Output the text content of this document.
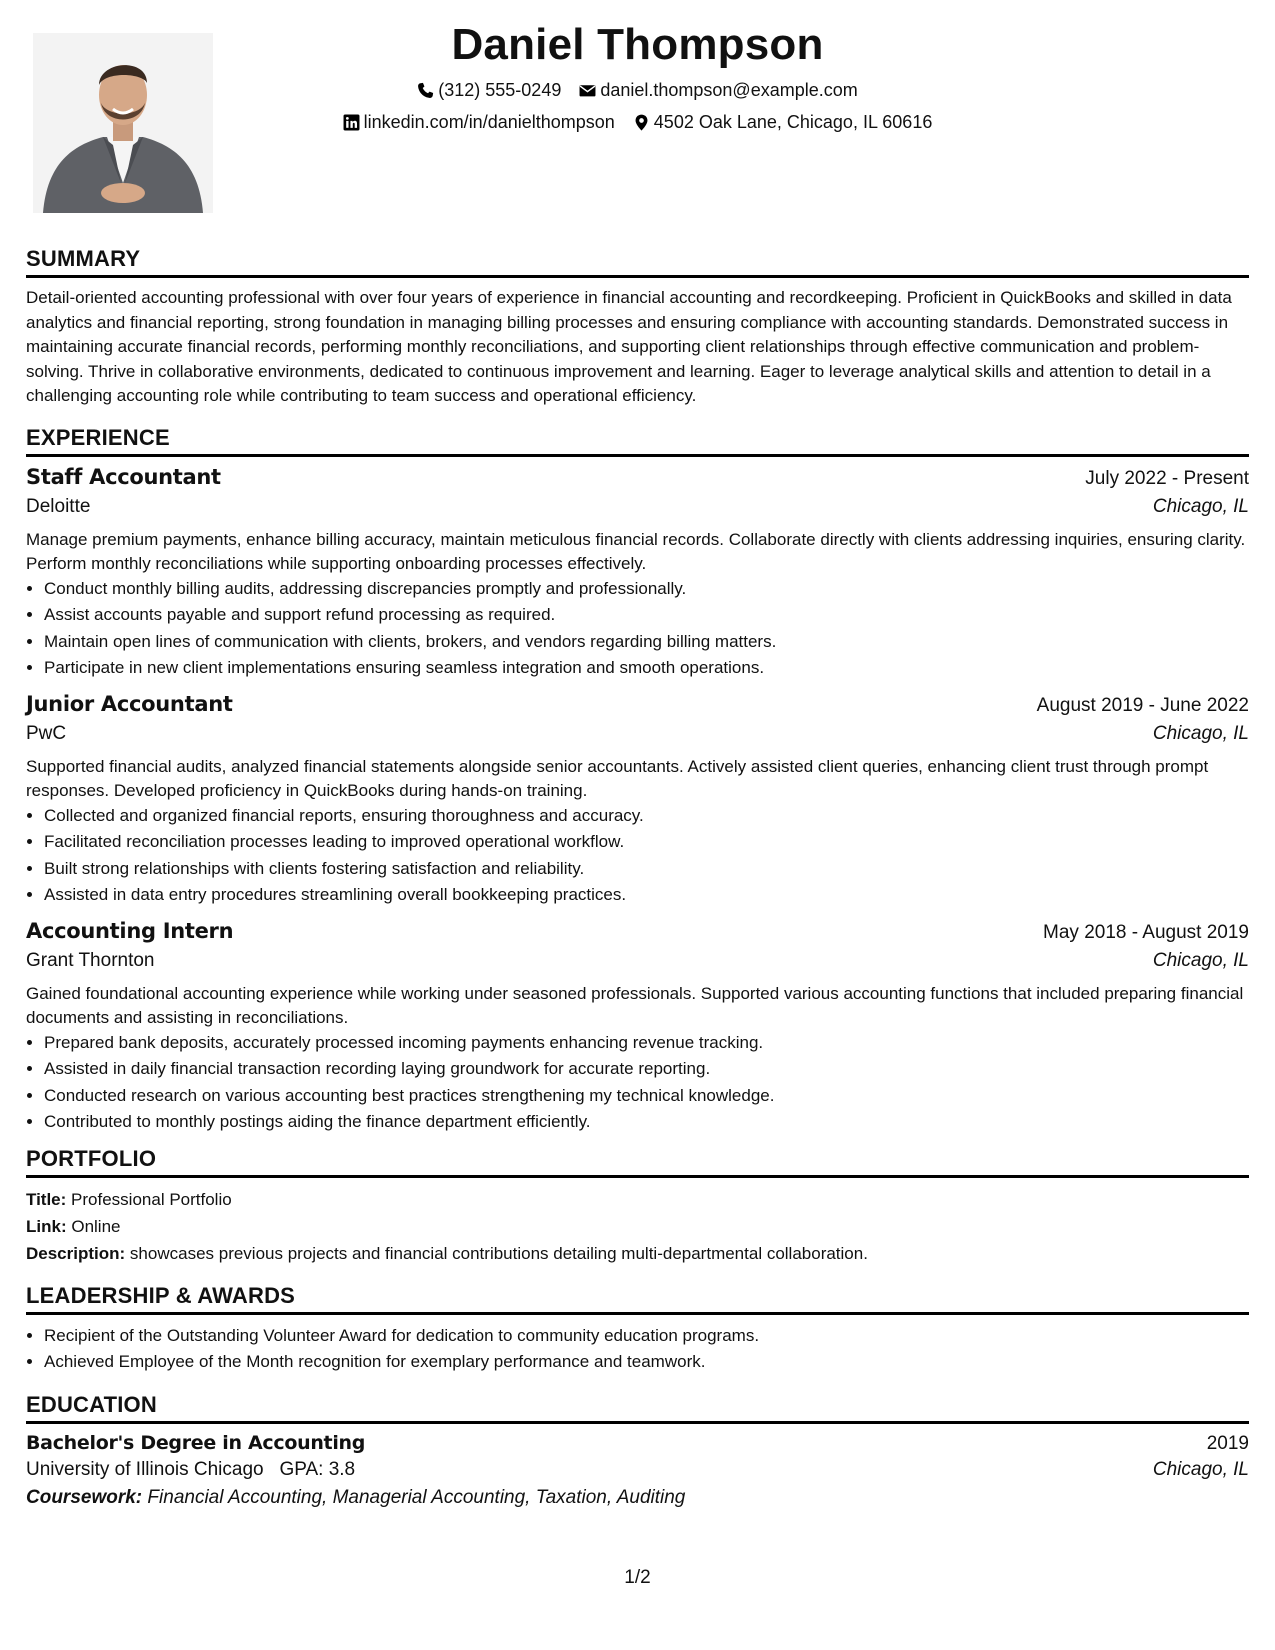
Daniel Thompson
(312) 555-0249 daniel.thompson@example.com
linkedin.com/in/danielthompson 4502 Oak Lane, Chicago, IL 60616
SUMMARY

Detail-oriented accounting professional with over four years of experience in financial accounting and recordkeeping. Proficient in QuickBooks and skilled in data analytics and financial reporting, strong foundation in managing billing processes and ensuring compliance with accounting standards. Demonstrated success in maintaining accurate financial records, performing monthly reconciliations, and supporting client relationships through effective communication and problem-solving. Thrive in collaborative environments, dedicated to continuous improvement and learning. Eager to leverage analytical skills and attention to detail in a challenging accounting role while contributing to team success and operational efficiency.

EXPERIENCE
Staff Accountant	July 2022 - Present
Deloitte	Chicago, IL

Manage premium payments, enhance billing accuracy, maintain meticulous financial records. Collaborate directly with clients addressing inquiries, ensuring clarity. Perform monthly reconciliations while supporting onboarding processes effectively.

• Conduct monthly billing audits, addressing discrepancies promptly and professionally.
• Assist accounts payable and support refund processing as required.
• Maintain open lines of communication with clients, brokers, and vendors regarding billing matters.
• Participate in new client implementations ensuring seamless integration and smooth operations.
Junior Accountant	August 2019 - June 2022
PwC	Chicago, IL

Supported financial audits, analyzed financial statements alongside senior accountants. Actively assisted client queries, enhancing client trust through prompt responses. Developed proficiency in QuickBooks during hands-on training.

• Collected and organized financial reports, ensuring thoroughness and accuracy.
• Facilitated reconciliation processes leading to improved operational workflow.
• Built strong relationships with clients fostering satisfaction and reliability.
• Assisted in data entry procedures streamlining overall bookkeeping practices.
Accounting Intern	May 2018 - August 2019
Grant Thornton	Chicago, IL

Gained foundational accounting experience while working under seasoned professionals. Supported various accounting functions that included preparing financial documents and assisting in reconciliations.

• Prepared bank deposits, accurately processed incoming payments enhancing revenue tracking.
• Assisted in daily financial transaction recording laying groundwork for accurate reporting.
• Conducted research on various accounting best practices strengthening my technical knowledge.
• Contributed to monthly postings aiding the finance department efficiently.
PORTFOLIO
Title: Professional Portfolio
Link: Online
Description: showcases previous projects and financial contributions detailing multi-departmental collaboration.
LEADERSHIP & AWARDS
• Recipient of the Outstanding Volunteer Award for dedication to community education programs.
• Achieved Employee of the Month recognition for exemplary performance and teamwork.
EDUCATION
Bachelor's Degree in Accounting	2019
University of Illinois Chicago GPA: 3.8	Chicago, IL
Coursework: Financial Accounting, Managerial Accounting, Taxation, Auditing
1/2
